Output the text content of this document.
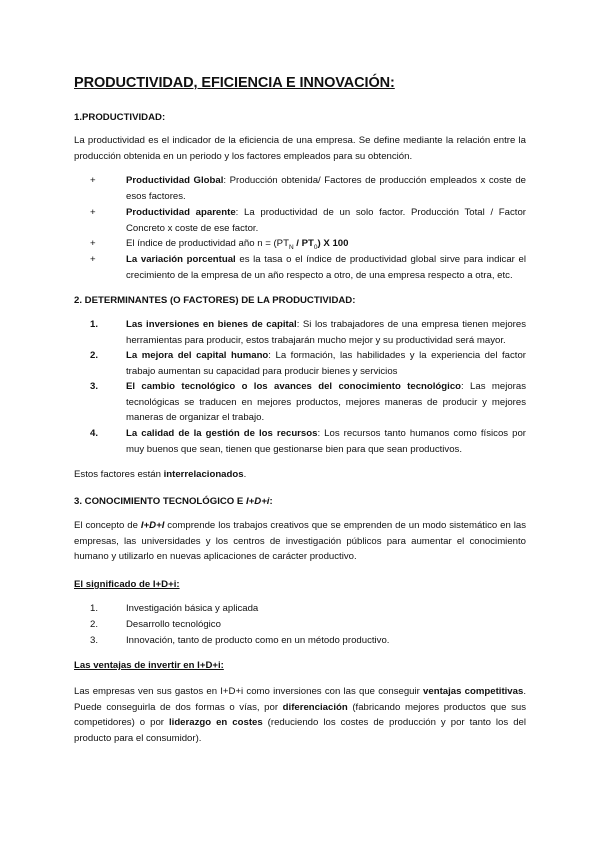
PRODUCTIVIDAD, EFICIENCIA E INNOVACIÓN:
1.PRODUCTIVIDAD:
La productividad es el indicador de la eficiencia de una empresa. Se define mediante la relación entre la producción obtenida en un periodo y los factores empleados para su obtención.
+	Productividad Global: Producción obtenida/ Factores de producción empleados x coste de esos factores.
+	Productividad aparente: La productividad de un solo factor. Producción Total / Factor Concreto x coste de ese factor.
+	El índice de productividad año $n = (PT_N / PT_0)$ X 100
+	La variación porcentual es la tasa o el índice de productividad global sirve para indicar el crecimiento de la empresa de un año respecto a otro, de una empresa respecto a otra, etc.
2. DETERMINANTES (O FACTORES) DE LA PRODUCTIVIDAD:
1.	Las inversiones en bienes de capital: Si los trabajadores de una empresa tienen mejores herramientas para producir, estos trabajarán mucho mejor y su productividad será mayor.
2.	La mejora del capital humano: La formación, las habilidades y la experiencia del factor trabajo aumentan su capacidad para producir bienes y servicios
3.	El cambio tecnológico o los avances del conocimiento tecnológico: Las mejoras tecnológicas se traducen en mejores productos, mejores maneras de producir y mejores maneras de organizar el trabajo.
4.	La calidad de la gestión de los recursos: Los recursos tanto humanos como físicos por muy buenos que sean, tienen que gestionarse bien para que sean productivos.
Estos factores están interrelacionados.
3. CONOCIMIENTO TECNOLÓGICO E I+D+i:
El concepto de I+D+I comprende los trabajos creativos que se emprenden de un modo sistemático en las empresas, las universidades y los centros de investigación públicos para aumentar el conocimiento humano y utilizarlo en nuevas aplicaciones de carácter productivo.
El significado de I+D+i:
1.	Investigación básica y aplicada
2.	Desarrollo tecnológico
3.	Innovación, tanto de producto como en un método productivo.
Las ventajas de invertir en I+D+i:
Las empresas ven sus gastos en I+D+i como inversiones con las que conseguir ventajas competitivas. Puede conseguirla de dos formas o vías, por diferenciación (fabricando mejores productos que sus competidores) o por liderazgo en costes (reduciendo los costes de producción y por tanto los del producto para el consumidor).
